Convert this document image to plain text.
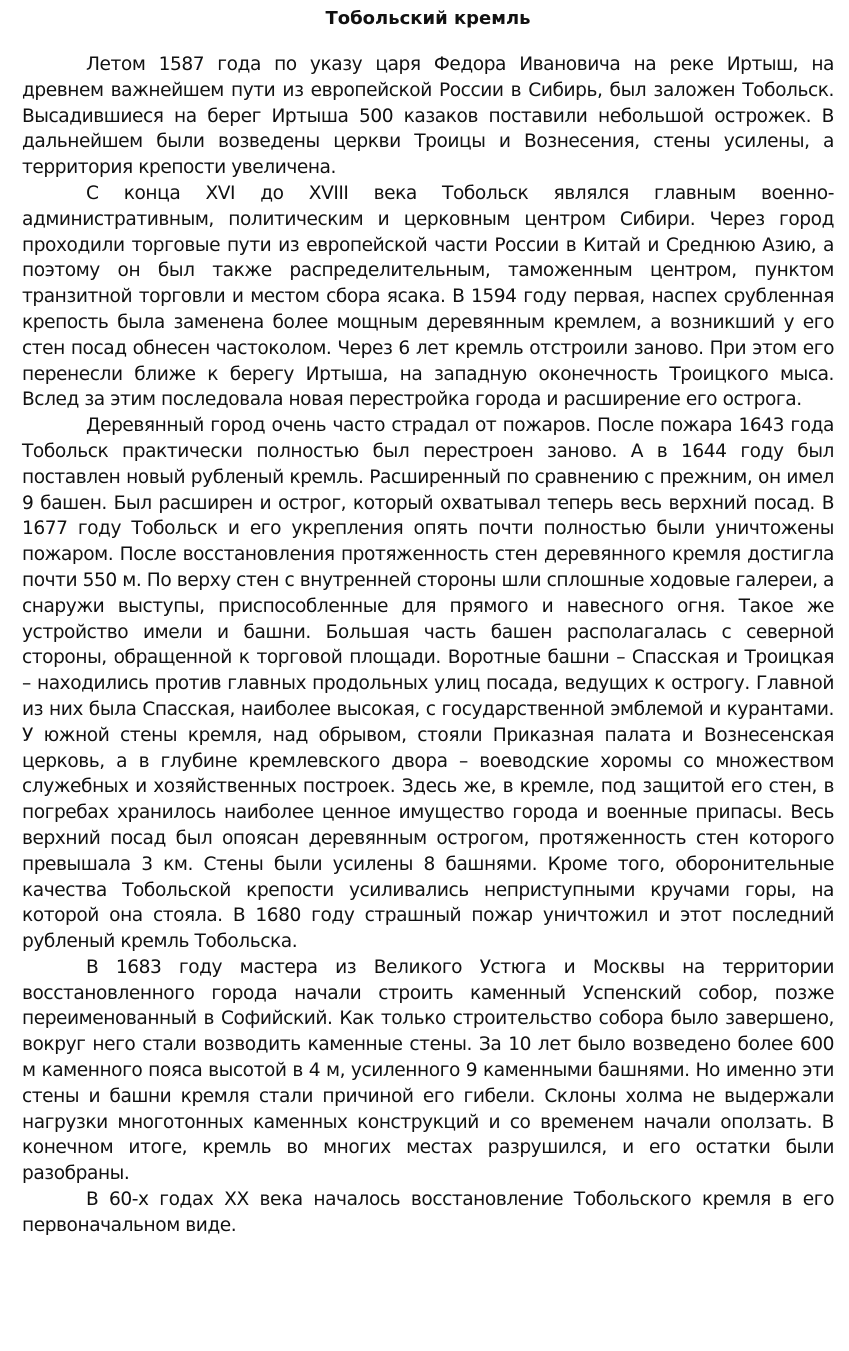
Тобольский кремль

Летом 1587 года по указу царя Федора Ивановича на реке Иртыш, на древнем важнейшем пути из европейской России в Сибирь, был заложен Тобольск. Высадившиеся на берег Иртыша 500 казаков поставили небольшой острожек. В дальнейшем были возведены церкви Троицы и Вознесения, стены усилены, а территория крепости увеличена.

С конца XVI до XVIII века Тобольск являлся главным военно-административным, политическим и церковным центром Сибири. Через город проходили торговые пути из европейской части России в Китай и Среднюю Азию, а поэтому он был также распределительным, таможенным центром, пунктом транзитной торговли и местом сбора ясака. В 1594 году первая, наспех срубленная крепость была заменена более мощным деревянным кремлем, а возникший у его стен посад обнесен частоколом. Через 6 лет кремль отстроили заново. При этом его перенесли ближе к берегу Иртыша, на западную оконечность Троицкого мыса. Вслед за этим последовала новая перестройка города и расширение его острога.

Деревянный город очень часто страдал от пожаров. После пожара 1643 года Тобольск практически полностью был перестроен заново. А в 1644 году был поставлен новый рубленый кремль. Расширенный по сравнению с прежним, он имел 9 башен. Был расширен и острог, который охватывал теперь весь верхний посад. В 1677 году Тобольск и его укрепления опять почти полностью были уничтожены пожаром. После восстановления протяженность стен деревянного кремля достигла почти 550 м. По верху стен с внутренней стороны шли сплошные ходовые галереи, а снаружи выступы, приспособленные для прямого и навесного огня. Такое же устройство имели и башни. Большая часть башен располагалась с северной стороны, обращенной к торговой площади. Воротные башни – Спасская и Троицкая – находились против главных продольных улиц посада, ведущих к острогу. Главной из них была Спасская, наиболее высокая, с государственной эмблемой и курантами. У южной стены кремля, над обрывом, стояли Приказная палата и Вознесенская церковь, а в глубине кремлевского двора – воеводские хоромы со множеством служебных и хозяйственных построек. Здесь же, в кремле, под защитой его стен, в погребах хранилось наиболее ценное имущество города и военные припасы. Весь верхний посад был опоясан деревянным острогом, протяженность стен которого превышала 3 км. Стены были усилены 8 башнями. Кроме того, оборонительные качества Тобольской крепости усиливались неприступными кручами горы, на которой она стояла. В 1680 году страшный пожар уничтожил и этот последний рубленый кремль Тобольска.

В 1683 году мастера из Великого Устюга и Москвы на территории восстановленного города начали строить каменный Успенский собор, позже переименованный в Софийский. Как только строительство собора было завершено, вокруг него стали возводить каменные стены. За 10 лет было возведено более 600 м каменного пояса высотой в 4 м, усиленного 9 каменными башнями. Но именно эти стены и башни кремля стали причиной его гибели. Склоны холма не выдержали нагрузки многотонных каменных конструкций и со временем начали оползать. В конечном итоге, кремль во многих местах разрушился, и его остатки были разобраны.

В 60-х годах XX века началось восстановление Тобольского кремля в его первоначальном виде.
